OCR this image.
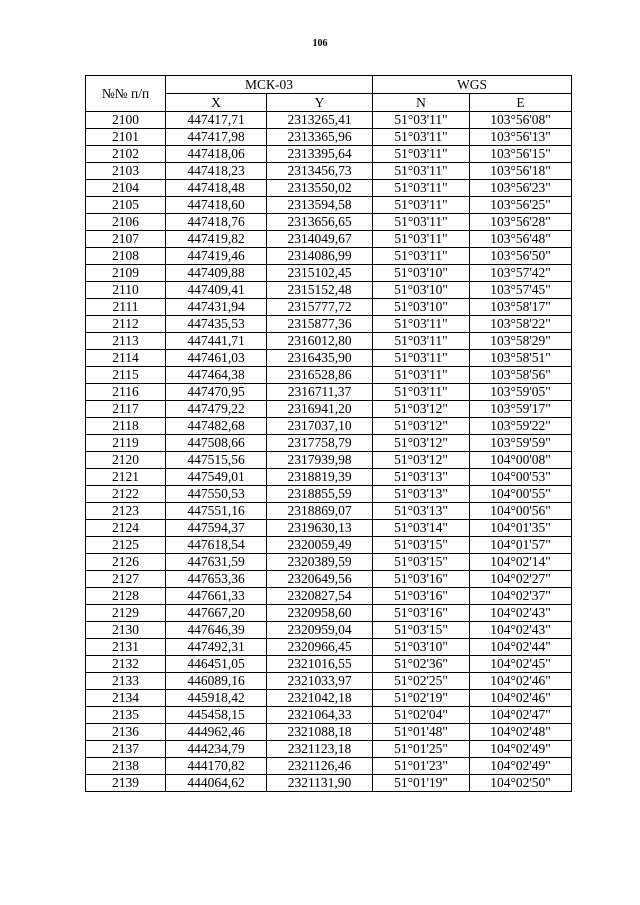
106
№№ п/п	МСК-03		WGS	
	X	Y	N	E
2100	447417,71	2313265,41	51°03'11"	103°56'08"
2101	447417,98	2313365,96	51°03'11"	103°56'13"
2102	447418,06	2313395,64	51°03'11"	103°56'15"
2103	447418,23	2313456,73	51°03'11"	103°56'18"
2104	447418,48	2313550,02	51°03'11"	103°56'23"
2105	447418,60	2313594,58	51°03'11"	103°56'25"
2106	447418,76	2313656,65	51°03'11"	103°56'28"
2107	447419,82	2314049,67	51°03'11"	103°56'48"
2108	447419,46	2314086,99	51°03'11"	103°56'50"
2109	447409,88	2315102,45	51°03'10"	103°57'42"
2110	447409,41	2315152,48	51°03'10"	103°57'45"
2111	447431,94	2315777,72	51°03'10"	103°58'17"
2112	447435,53	2315877,36	51°03'11"	103°58'22"
2113	447441,71	2316012,80	51°03'11"	103°58'29"
2114	447461,03	2316435,90	51°03'11"	103°58'51"
2115	447464,38	2316528,86	51°03'11"	103°58'56"
2116	447470,95	2316711,37	51°03'11"	103°59'05"
2117	447479,22	2316941,20	51°03'12"	103°59'17"
2118	447482,68	2317037,10	51°03'12"	103°59'22"
2119	447508,66	2317758,79	51°03'12"	103°59'59"
2120	447515,56	2317939,98	51°03'12"	104°00'08"
2121	447549,01	2318819,39	51°03'13"	104°00'53"
2122	447550,53	2318855,59	51°03'13"	104°00'55"
2123	447551,16	2318869,07	51°03'13"	104°00'56"
2124	447594,37	2319630,13	51°03'14"	104°01'35"
2125	447618,54	2320059,49	51°03'15"	104°01'57"
2126	447631,59	2320389,59	51°03'15"	104°02'14"
2127	447653,36	2320649,56	51°03'16"	104°02'27"
2128	447661,33	2320827,54	51°03'16"	104°02'37"
2129	447667,20	2320958,60	51°03'16"	104°02'43"
2130	447646,39	2320959,04	51°03'15"	104°02'43"
2131	447492,31	2320966,45	51°03'10"	104°02'44"
2132	446451,05	2321016,55	51°02'36"	104°02'45"
2133	446089,16	2321033,97	51°02'25"	104°02'46"
2134	445918,42	2321042,18	51°02'19"	104°02'46"
2135	445458,15	2321064,33	51°02'04"	104°02'47"
2136	444962,46	2321088,18	51°01'48"	104°02'48"
2137	444234,79	2321123,18	51°01'25"	104°02'49"
2138	444170,82	2321126,46	51°01'23"	104°02'49"
2139	444064,62	2321131,90	51°01'19"	104°02'50"
